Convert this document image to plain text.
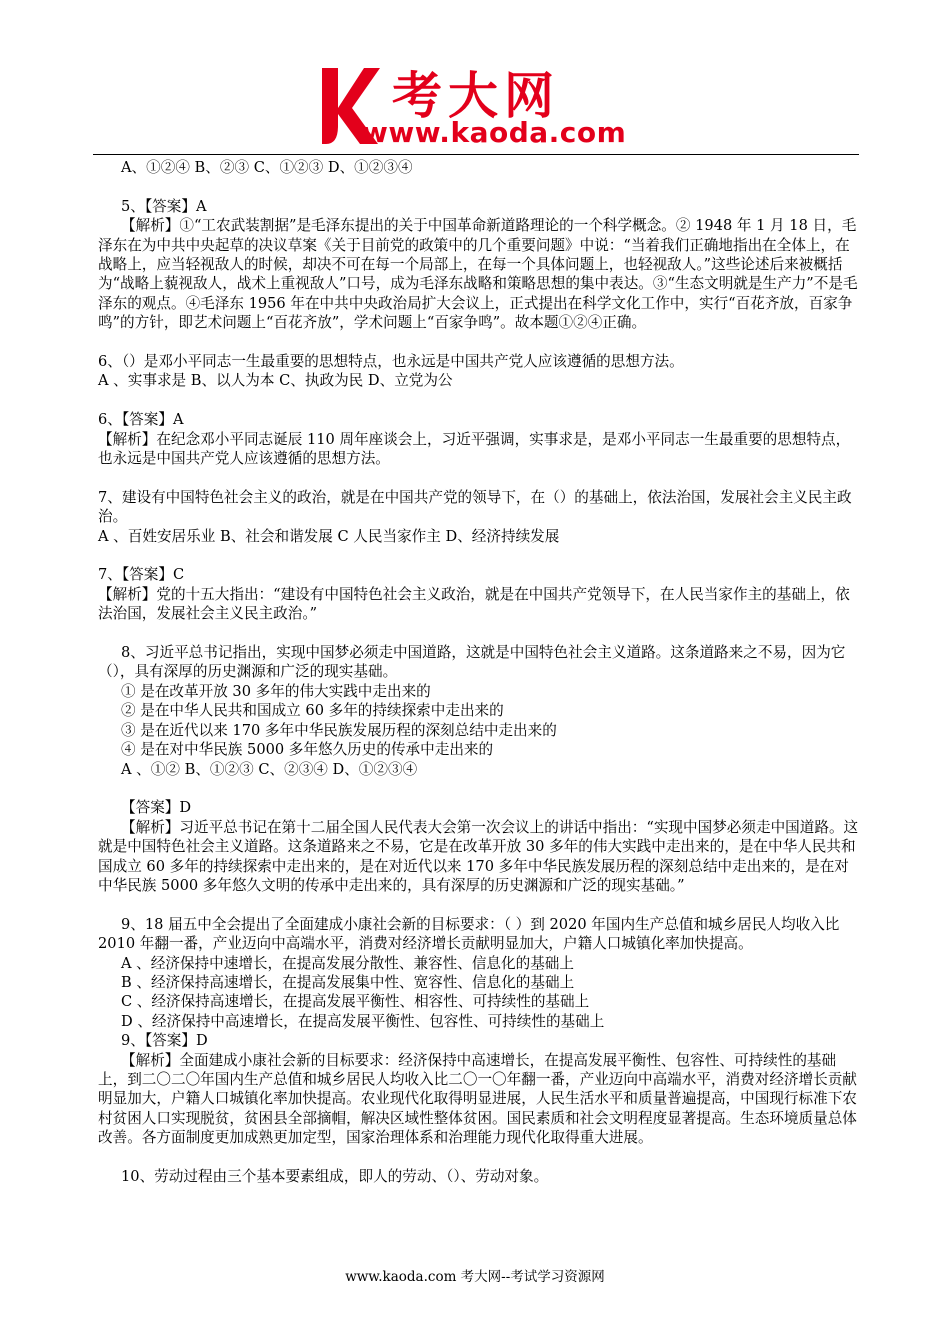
考大网
www.kaoda.com

A、①②④ B、②③ C、①②③ D、①②③④

5、【答案】A

【解析】①“工农武装割据”是毛泽东提出的关于中国革命新道路理论的一个科学概念。② 1948 年 1 月 18 日，毛泽东在为中共中央起草的决议草案《关于目前党的政策中的几个重要问题》中说：“当着我们正确地指出在全体上，在战略上，应当轻视敌人的时候，却决不可在每一个局部上，在每一个具体问题上，也轻视敌人。”这些论述后来被概括为“战略上藐视敌人，战术上重视敌人”口号，成为毛泽东战略和策略思想的集中表达。③“生态文明就是生产力”不是毛泽东的观点。④毛泽东 1956 年在中共中央政治局扩大会议上，正式提出在科学文化工作中，实行“百花齐放，百家争鸣”的方针，即艺术问题上“百花齐放”，学术问题上“百家争鸣”。故本题①②④正确。

6、（）是邓小平同志一生最重要的思想特点，也永远是中国共产党人应该遵循的思想方法。

A 、实事求是 B、以人为本 C、执政为民 D、立党为公

6、【答案】A

【解析】在纪念邓小平同志诞辰 110 周年座谈会上，习近平强调，实事求是，是邓小平同志一生最重要的思想特点，也永远是中国共产党人应该遵循的思想方法。

7、建设有中国特色社会主义的政治，就是在中国共产党的领导下，在（）的基础上，依法治国，发展社会主义民主政治。

A 、百姓安居乐业 B、社会和谐发展 C 人民当家作主 D、经济持续发展

7、【答案】C

【解析】党的十五大指出：“建设有中国特色社会主义政治，就是在中国共产党领导下，在人民当家作主的基础上，依法治国，发展社会主义民主政治。”

8、习近平总书记指出，实现中国梦必须走中国道路，这就是中国特色社会主义道路。这条道路来之不易，因为它（），具有深厚的历史渊源和广泛的现实基础。

① 是在改革开放 30 多年的伟大实践中走出来的

② 是在中华人民共和国成立 60 多年的持续探索中走出来的

③ 是在近代以来 170 多年中华民族发展历程的深刻总结中走出来的

④ 是在对中华民族 5000 多年悠久历史的传承中走出来的

A 、①② B、①②③ C、②③④ D、①②③④

【答案】D

【解析】习近平总书记在第十二届全国人民代表大会第一次会议上的讲话中指出：“实现中国梦必须走中国道路。这就是中国特色社会主义道路。这条道路来之不易，它是在改革开放 30 多年的伟大实践中走出来的，是在中华人民共和国成立 60 多年的持续探索中走出来的，是在对近代以来 170 多年中华民族发展历程的深刻总结中走出来的，是在对中华民族 5000 多年悠久文明的传承中走出来的，具有深厚的历史渊源和广泛的现实基础。”

9、18 届五中全会提出了全面建成小康社会新的目标要求：（ ）到 2020 年国内生产总值和城乡居民人均收入比 2010 年翻一番，产业迈向中高端水平，消费对经济增长贡献明显加大，户籍人口城镇化率加快提高。

A 、经济保持中速增长，在提高发展分散性、兼容性、信息化的基础上

B 、经济保持高速增长，在提高发展集中性、宽容性、信息化的基础上

C 、经济保持高速增长，在提高发展平衡性、相容性、可持续性的基础上

D 、经济保持中高速增长，在提高发展平衡性、包容性、可持续性的基础上

9、【答案】D

【解析】全面建成小康社会新的目标要求：经济保持中高速增长，在提高发展平衡性、包容性、可持续性的基础上，到二〇二〇年国内生产总值和城乡居民人均收入比二〇一〇年翻一番，产业迈向中高端水平，消费对经济增长贡献明显加大，户籍人口城镇化率加快提高。农业现代化取得明显进展，人民生活水平和质量普遍提高，中国现行标准下农村贫困人口实现脱贫，贫困县全部摘帽，解决区域性整体贫困。国民素质和社会文明程度显著提高。生态环境质量总体改善。各方面制度更加成熟更加定型，国家治理体系和治理能力现代化取得重大进展。

10、劳动过程由三个基本要素组成，即人的劳动、（）、劳动对象。

www.kaoda.com 考大网--考试学习资源网
